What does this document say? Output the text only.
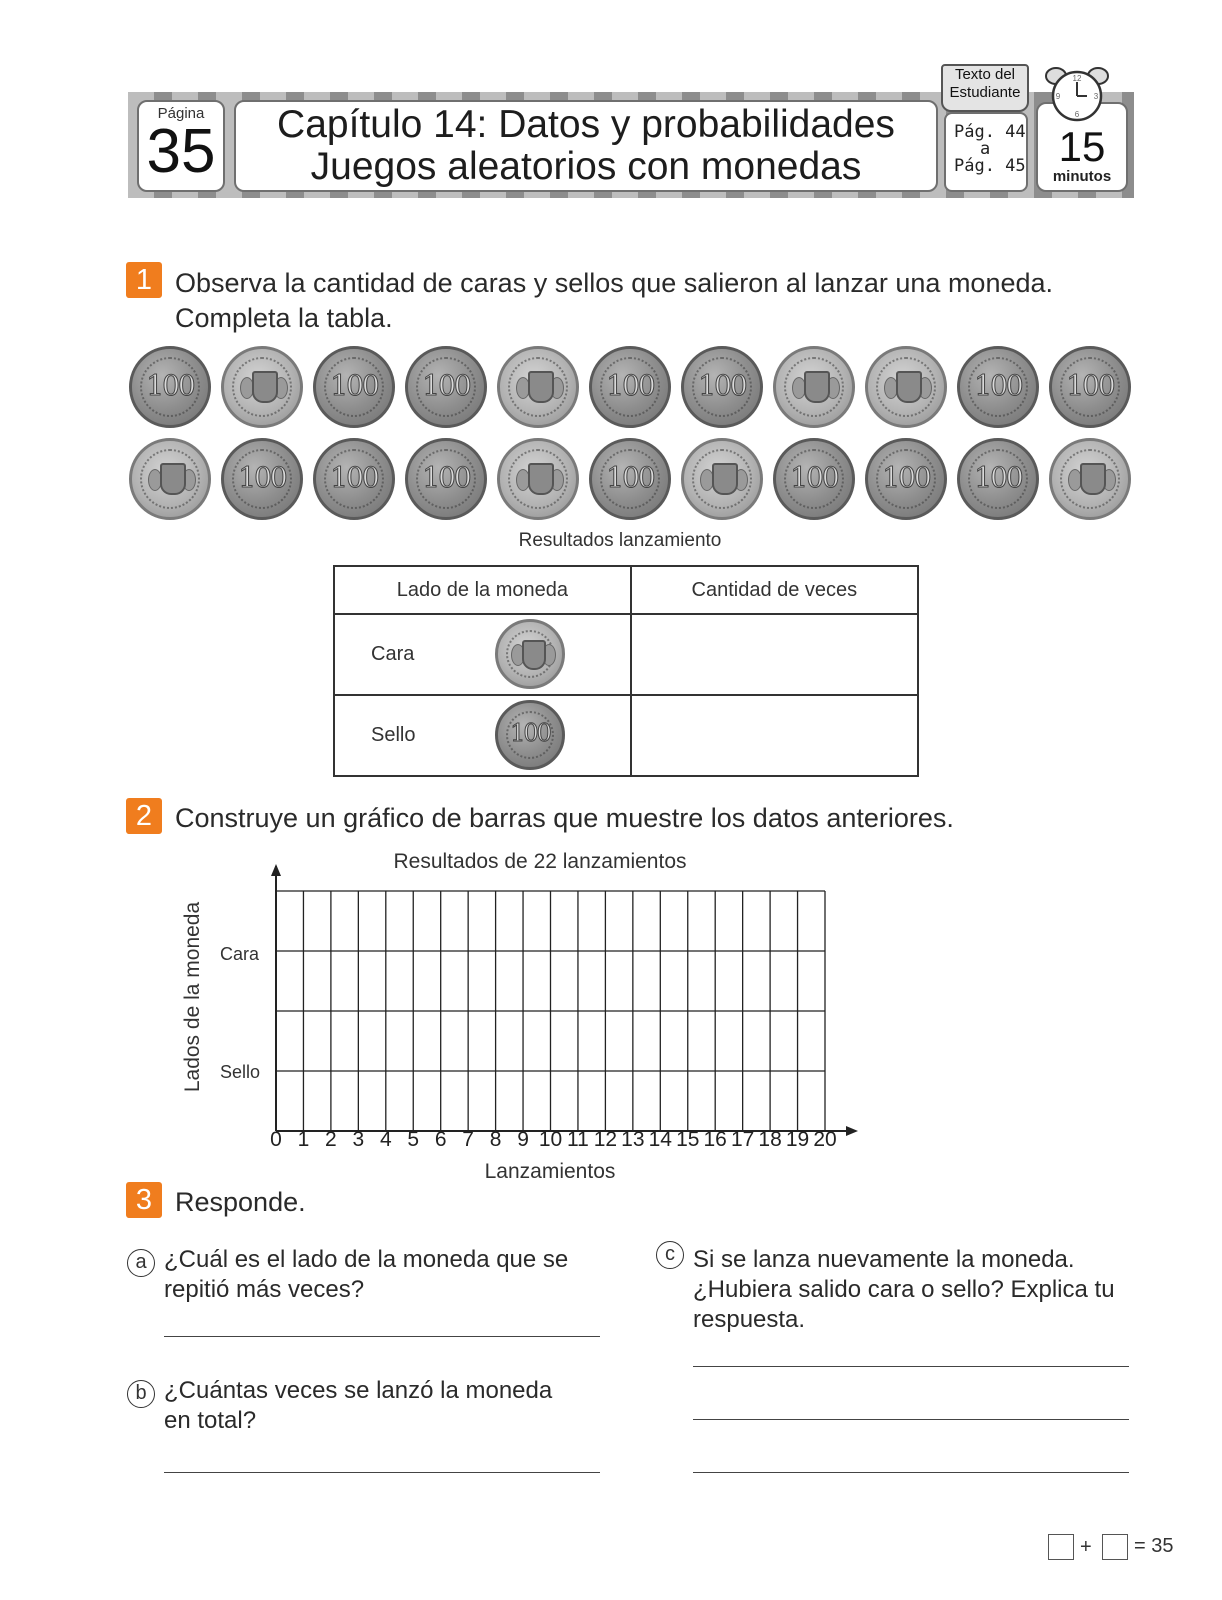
Página
35	Capítulo 14: Datos y probabilidades
Juegos aleatorios con monedas
Pág. 44
a
Pág. 45
Texto del
Estudiante
15
minutos
12
3
6
9
1 Observa la cantidad de caras y sellos que salieron al lanzar una moneda.
Completa la tabla.
100	100	100	100	100	100	100
100	100	100	100	100	100	100
Resultados lanzamiento
Lado de la moneda	Cantidad de veces
Cara

Sello 100	

2 Construye un gráfico de barras que muestre los datos anteriores.
Resultados de 22 lanzamientos
Lados de la moneda Cara
Sello
0 1 2 3 4 5 6 7 8 9 10 11 12 13 14 15 16 17 18 19 20
Lanzamientos
3 Responde.
a ¿Cuál es el lado de la moneda que se
repitió más veces?
b ¿Cuántas veces se lanzó la moneda
en total?
c Si se lanza nuevamente la moneda.
¿Hubiera salido cara o sello? Explica tu
respuesta.
+ = 35
